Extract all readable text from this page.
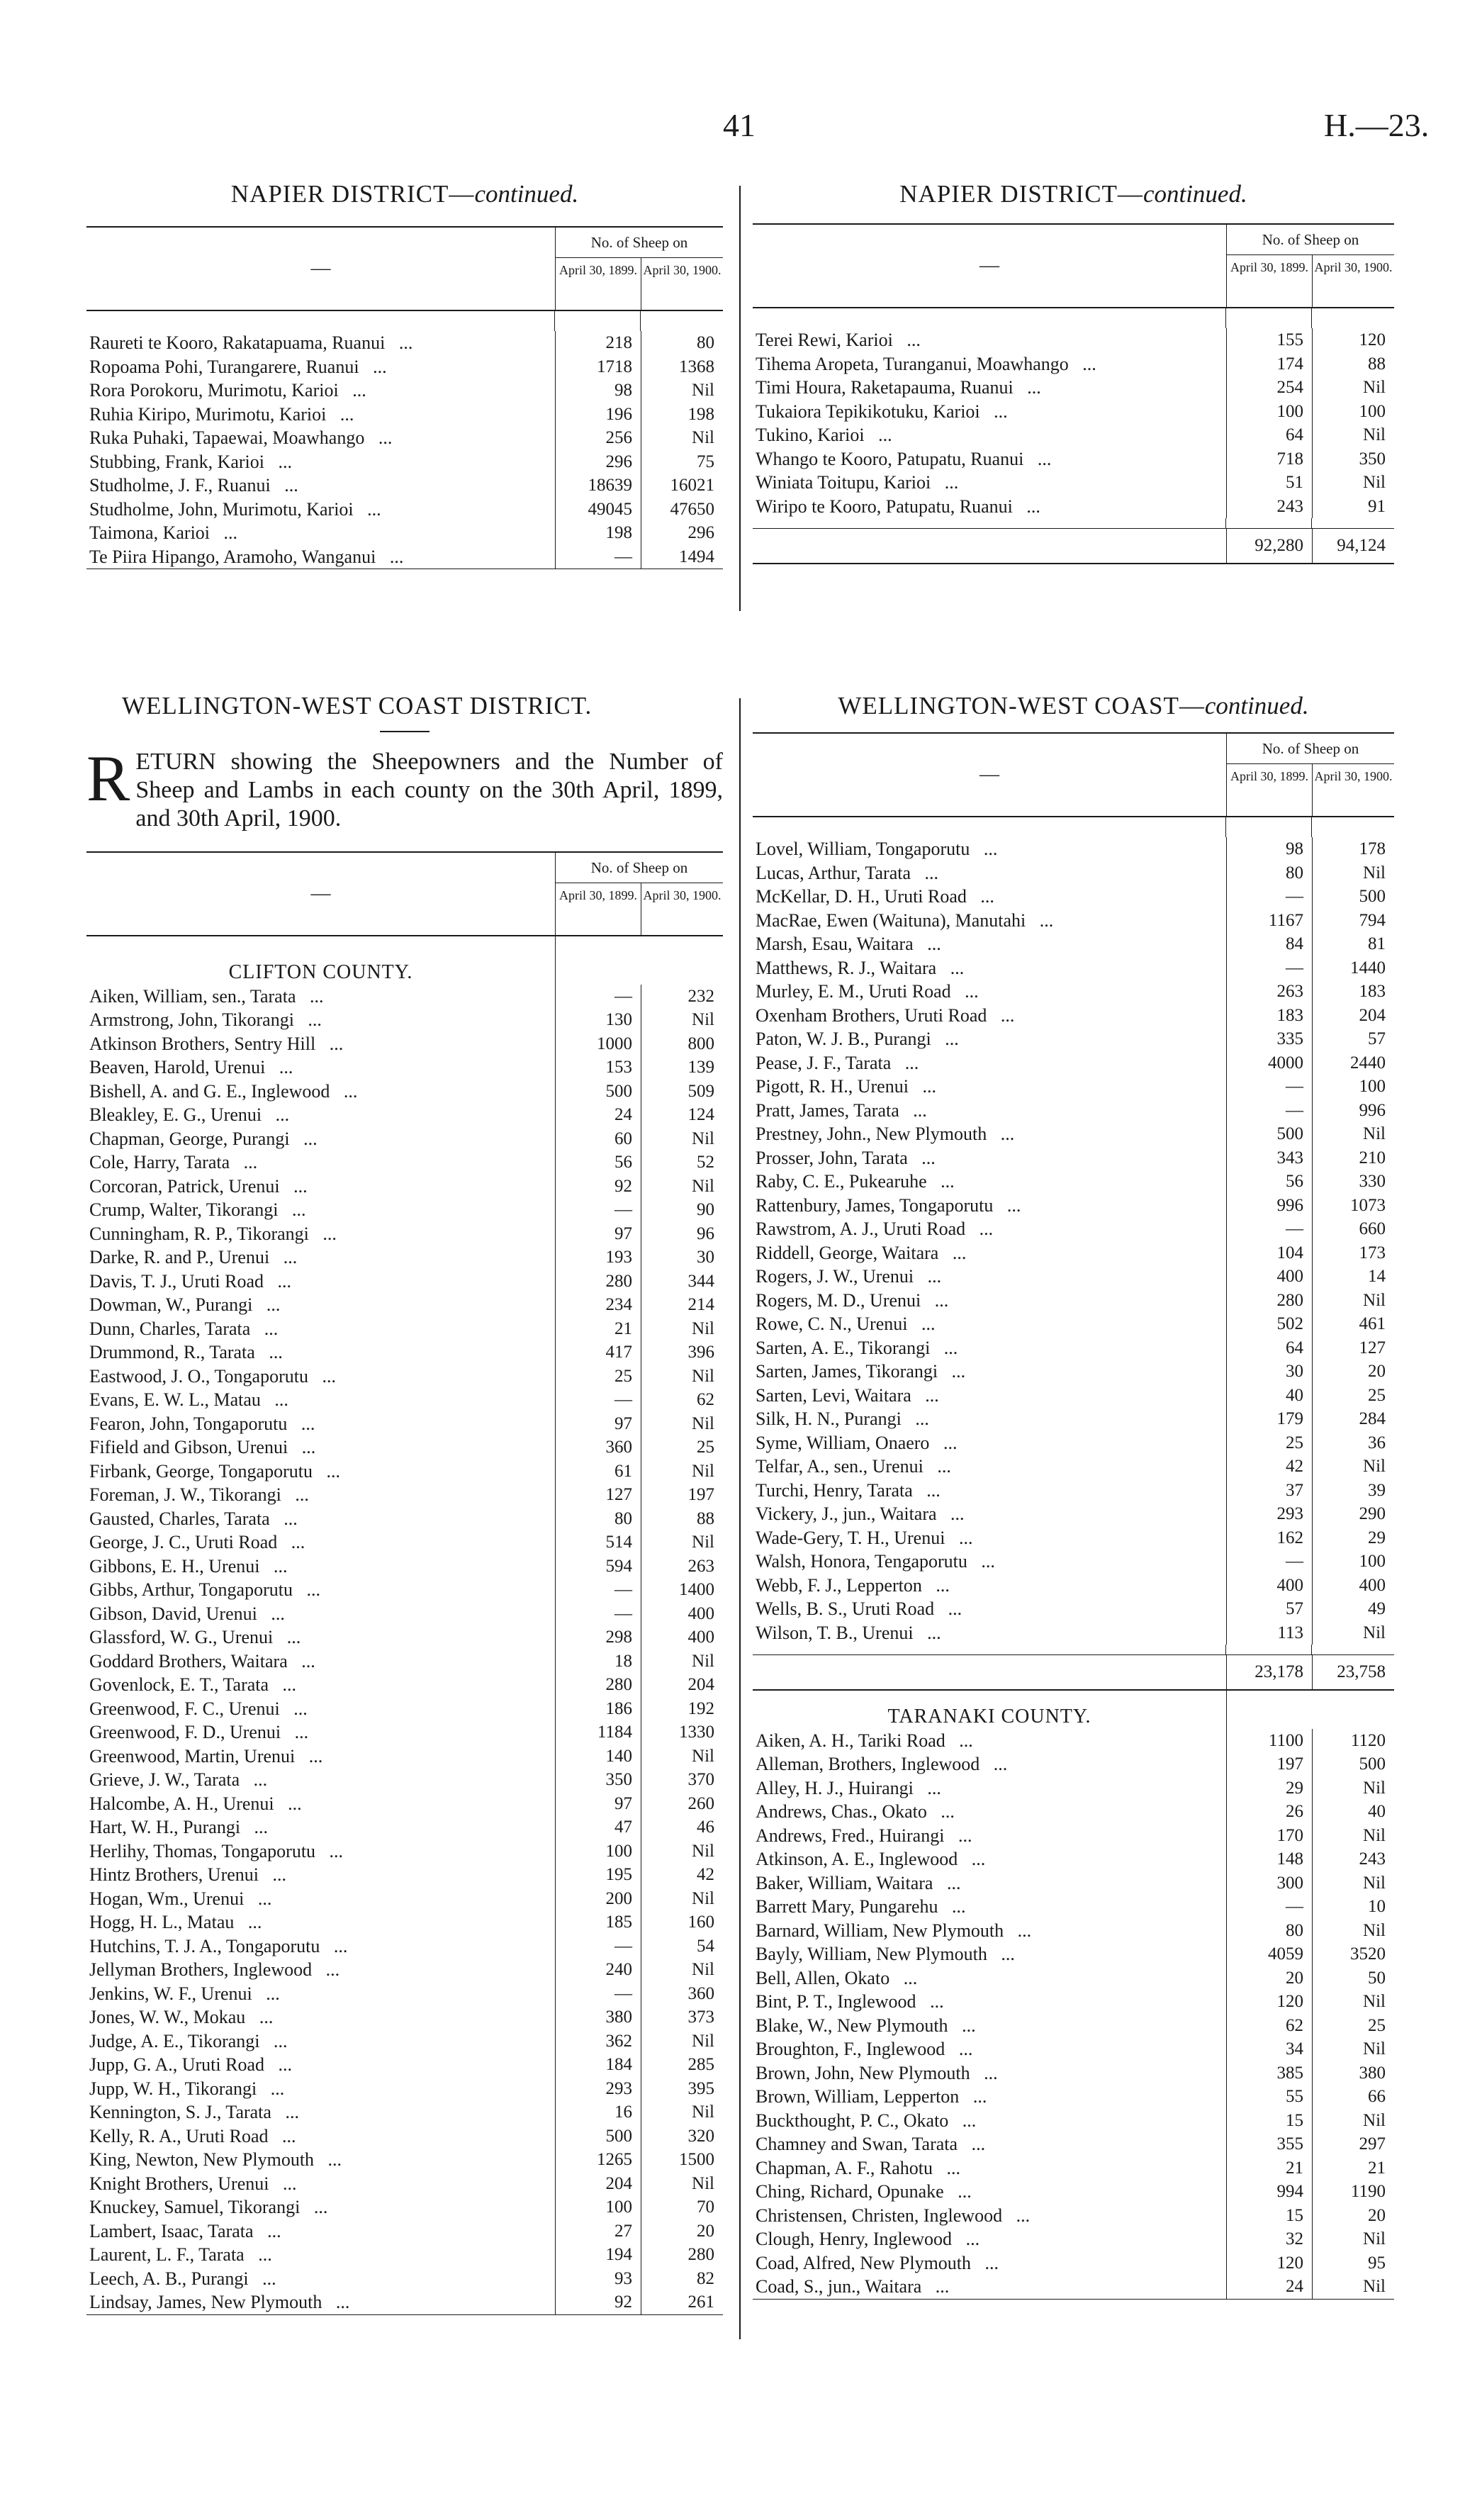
41	H.—23.
NAPIER DISTRICT—continued.
—
No. of Sheep on
April 30, 1899. April 30, 1900.
Raureti te Kooro, Rakatapuama, Ruanui   ...	218	80
Ropoama Pohi, Turangarere, Ruanui   ...	1718	1368
Rora Porokoru, Murimotu, Karioi   ...	98	Nil
Ruhia Kiripo, Murimotu, Karioi   ...	196	198
Ruka Puhaki, Tapaewai, Moawhango   ...	256	Nil
Stubbing, Frank, Karioi   ...	296	75
Studholme, J. F., Ruanui   ...	18639	16021
Studholme, John, Murimotu, Karioi   ...	49045	47650
Taimona, Karioi   ...	198	296
Te Piira Hipango, Aramoho, Wanganui   ...	—	1494
NAPIER DISTRICT—continued.
—
No. of Sheep on
April 30, 1899. April 30, 1900.
Terei Rewi, Karioi   ...	155	120
Tihema Aropeta, Turanganui, Moawhango   ...	174	88
Timi Houra, Raketapauma, Ruanui   ...	254	Nil
Tukaiora Tepikikotuku, Karioi   ...	100	100
Tukino, Karioi   ...	64	Nil
Whango te Kooro, Patupatu, Ruanui   ...	718	350
Winiata Toitupu, Karioi   ...	51	Nil
Wiripo te Kooro, Patupatu, Ruanui   ...	243	91
92,280	94,124
WELLINGTON-WEST COAST DISTRICT.
RETURN showing the Sheepowners and the Number of Sheep and Lambs in each county on the 30th April, 1899, and 30th April, 1900.
—
No. of Sheep on
April 30, 1899. April 30, 1900.
CLIFTON COUNTY.
Aiken, William, sen., Tarata   ...	—	232
Armstrong, John, Tikorangi   ...	130	Nil
Atkinson Brothers, Sentry Hill   ...	1000	800
Beaven, Harold, Urenui   ...	153	139
Bishell, A. and G. E., Inglewood   ...	500	509
Bleakley, E. G., Urenui   ...	24	124
Chapman, George, Purangi   ...	60	Nil
Cole, Harry, Tarata   ...	56	52
Corcoran, Patrick, Urenui   ...	92	Nil
Crump, Walter, Tikorangi   ...	—	90
Cunningham, R. P., Tikorangi   ...	97	96
Darke, R. and P., Urenui   ...	193	30
Davis, T. J., Uruti Road   ...	280	344
Dowman, W., Purangi   ...	234	214
Dunn, Charles, Tarata   ...	21	Nil
Drummond, R., Tarata   ...	417	396
Eastwood, J. O., Tongaporutu   ...	25	Nil
Evans, E. W. L., Matau   ...	—	62
Fearon, John, Tongaporutu   ...	97	Nil
Fifield and Gibson, Urenui   ...	360	25
Firbank, George, Tongaporutu   ...	61	Nil
Foreman, J. W., Tikorangi   ...	127	197
Gausted, Charles, Tarata   ...	80	88
George, J. C., Uruti Road   ...	514	Nil
Gibbons, E. H., Urenui   ...	594	263
Gibbs, Arthur, Tongaporutu   ...	—	1400
Gibson, David, Urenui   ...	—	400
Glassford, W. G., Urenui   ...	298	400
Goddard Brothers, Waitara   ...	18	Nil
Govenlock, E. T., Tarata   ...	280	204
Greenwood, F. C., Urenui   ...	186	192
Greenwood, F. D., Urenui   ...	1184	1330
Greenwood, Martin, Urenui   ...	140	Nil
Grieve, J. W., Tarata   ...	350	370
Halcombe, A. H., Urenui   ...	97	260
Hart, W. H., Purangi   ...	47	46
Herlihy, Thomas, Tongaporutu   ...	100	Nil
Hintz Brothers, Urenui   ...	195	42
Hogan, Wm., Urenui   ...	200	Nil
Hogg, H. L., Matau   ...	185	160
Hutchins, T. J. A., Tongaporutu   ...	—	54
Jellyman Brothers, Inglewood   ...	240	Nil
Jenkins, W. F., Urenui   ...	—	360
Jones, W. W., Mokau   ...	380	373
Judge, A. E., Tikorangi   ...	362	Nil
Jupp, G. A., Uruti Road   ...	184	285
Jupp, W. H., Tikorangi   ...	293	395
Kennington, S. J., Tarata   ...	16	Nil
Kelly, R. A., Uruti Road   ...	500	320
King, Newton, New Plymouth   ...	1265	1500
Knight Brothers, Urenui   ...	204	Nil
Knuckey, Samuel, Tikorangi   ...	100	70
Lambert, Isaac, Tarata   ...	27	20
Laurent, L. F., Tarata   ...	194	280
Leech, A. B., Purangi   ...	93	82
Lindsay, James, New Plymouth   ...	92	261
WELLINGTON-WEST COAST—continued.
—
No. of Sheep on
April 30, 1899. April 30, 1900.
Lovel, William, Tongaporutu   ...	98	178
Lucas, Arthur, Tarata   ...	80	Nil
McKellar, D. H., Uruti Road   ...	—	500
MacRae, Ewen (Waituna), Manutahi   ...	1167	794
Marsh, Esau, Waitara   ...	84	81
Matthews, R. J., Waitara   ...	—	1440
Murley, E. M., Uruti Road   ...	263	183
Oxenham Brothers, Uruti Road   ...	183	204
Paton, W. J. B., Purangi   ...	335	57
Pease, J. F., Tarata   ...	4000	2440
Pigott, R. H., Urenui   ...	—	100
Pratt, James, Tarata   ...	—	996
Prestney, John., New Plymouth   ...	500	Nil
Prosser, John, Tarata   ...	343	210
Raby, C. E., Pukearuhe   ...	56	330
Rattenbury, James, Tongaporutu   ...	996	1073
Rawstrom, A. J., Uruti Road   ...	—	660
Riddell, George, Waitara   ...	104	173
Rogers, J. W., Urenui   ...	400	14
Rogers, M. D., Urenui   ...	280	Nil
Rowe, C. N., Urenui   ...	502	461
Sarten, A. E., Tikorangi   ...	64	127
Sarten, James, Tikorangi   ...	30	20
Sarten, Levi, Waitara   ...	40	25
Silk, H. N., Purangi   ...	179	284
Syme, William, Onaero   ...	25	36
Telfar, A., sen., Urenui   ...	42	Nil
Turchi, Henry, Tarata   ...	37	39
Vickery, J., jun., Waitara   ...	293	290
Wade-Gery, T. H., Urenui   ...	162	29
Walsh, Honora, Tengaporutu   ...	—	100
Webb, F. J., Lepperton   ...	400	400
Wells, B. S., Uruti Road   ...	57	49
Wilson, T. B., Urenui   ...	113	Nil
23,178	23,758
TARANAKI COUNTY.
Aiken, A. H., Tariki Road   ...	1100	1120
Alleman, Brothers, Inglewood   ...	197	500
Alley, H. J., Huirangi   ...	29	Nil
Andrews, Chas., Okato   ...	26	40
Andrews, Fred., Huirangi   ...	170	Nil
Atkinson, A. E., Inglewood   ...	148	243
Baker, William, Waitara   ...	300	Nil
Barrett Mary, Pungarehu   ...	—	10
Barnard, William, New Plymouth   ...	80	Nil
Bayly, William, New Plymouth   ...	4059	3520
Bell, Allen, Okato   ...	20	50
Bint, P. T., Inglewood   ...	120	Nil
Blake, W., New Plymouth   ...	62	25
Broughton, F., Inglewood   ...	34	Nil
Brown, John, New Plymouth   ...	385	380
Brown, William, Lepperton   ...	55	66
Buckthought, P. C., Okato   ...	15	Nil
Chamney and Swan, Tarata   ...	355	297
Chapman, A. F., Rahotu   ...	21	21
Ching, Richard, Opunake   ...	994	1190
Christensen, Christen, Inglewood   ...	15	20
Clough, Henry, Inglewood   ...	32	Nil
Coad, Alfred, New Plymouth   ...	120	95
Coad, S., jun., Waitara   ...	24	Nil
